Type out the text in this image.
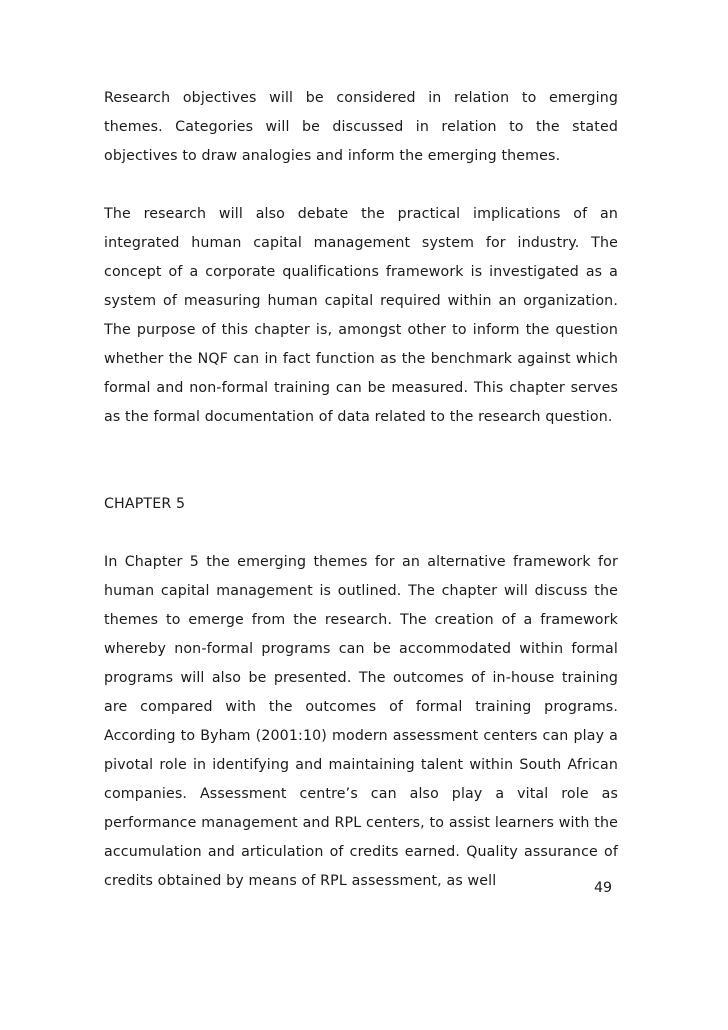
Research objectives will be considered in relation to emerging themes. Categories will be discussed in relation to the stated objectives to draw analogies and inform the emerging themes.

The research will also debate the practical implications of an integrated human capital management system for industry. The concept of a corporate qualifications framework is investigated as a system of measuring human capital required within an organization. The purpose of this chapter is, amongst other to inform the question whether the NQF can in fact function as the benchmark against which formal and non-formal training can be measured. This chapter serves as the formal documentation of data related to the research question.

CHAPTER 5

In Chapter 5 the emerging themes for an alternative framework for human capital management is outlined. The chapter will discuss the themes to emerge from the research. The creation of a framework whereby non-formal programs can be accommodated within formal programs will also be presented. The outcomes of in-house training are compared with the outcomes of formal training programs. According to Byham (2001:10) modern assessment centers can play a pivotal role in identifying and maintaining talent within South African companies. Assessment centre’s can also play a vital role as performance management and RPL centers, to assist learners with the accumulation and articulation of credits earned. Quality assurance of credits obtained by means of RPL assessment, as well	49
